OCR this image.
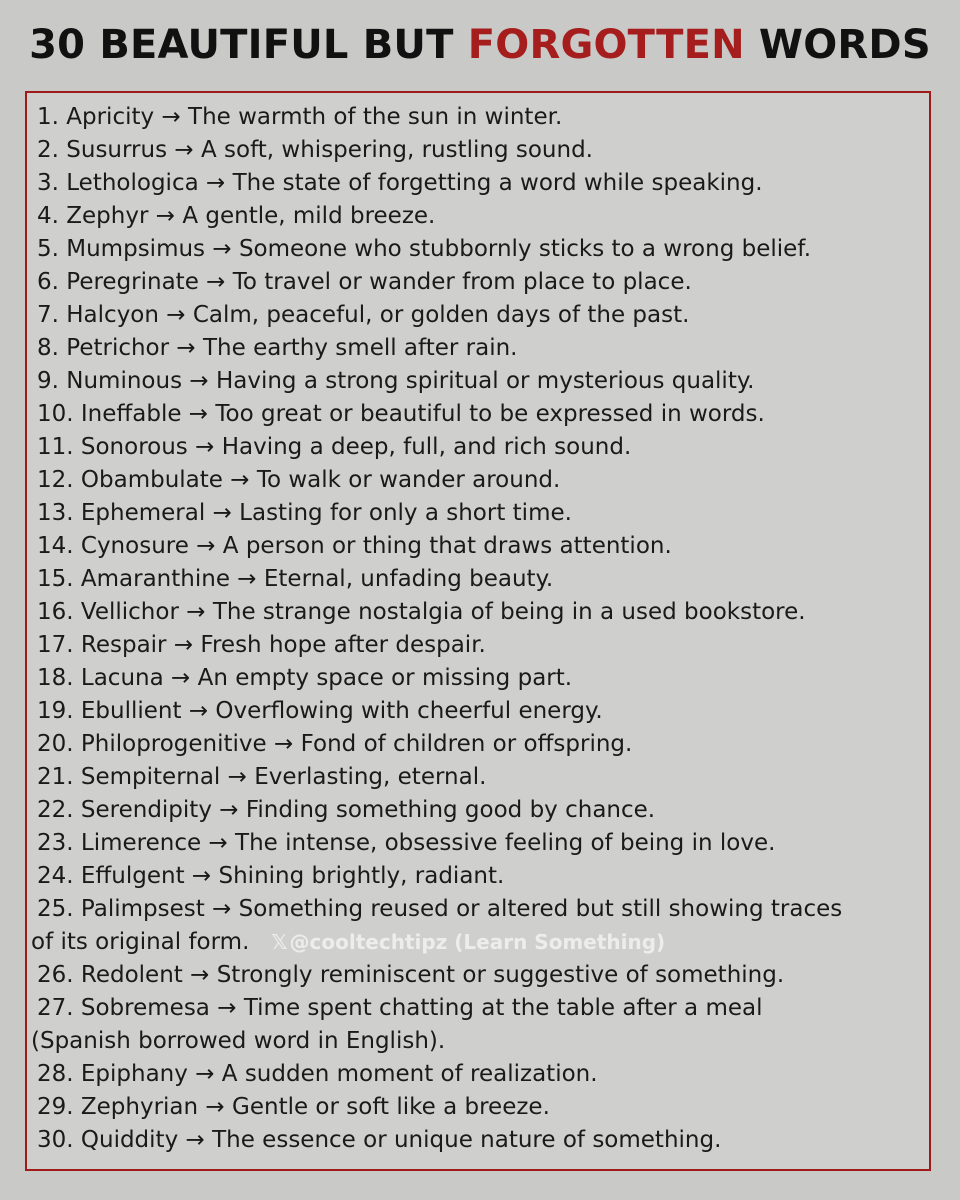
30 BEAUTIFUL BUT FORGOTTEN WORDS
1. Apricity → The warmth of the sun in winter.
2. Susurrus → A soft, whispering, rustling sound.
3. Lethologica → The state of forgetting a word while speaking.
4. Zephyr → A gentle, mild breeze.
5. Mumpsimus → Someone who stubbornly sticks to a wrong belief.
6. Peregrinate → To travel or wander from place to place.
7. Halcyon → Calm, peaceful, or golden days of the past.
8. Petrichor → The earthy smell after rain.
9. Numinous → Having a strong spiritual or mysterious quality.
10. Ineffable → Too great or beautiful to be expressed in words.
11. Sonorous → Having a deep, full, and rich sound.
12. Obambulate → To walk or wander around.
13. Ephemeral → Lasting for only a short time.
14. Cynosure → A person or thing that draws attention.
15. Amaranthine → Eternal, unfading beauty.
16. Vellichor → The strange nostalgia of being in a used bookstore.
17. Respair → Fresh hope after despair.
18. Lacuna → An empty space or missing part.
19. Ebullient → Overflowing with cheerful energy.
20. Philoprogenitive → Fond of children or offspring.
21. Sempiternal → Everlasting, eternal.
22. Serendipity → Finding something good by chance.
23. Limerence → The intense, obsessive feeling of being in love.
24. Effulgent → Shining brightly, radiant.
25. Palimpsest → Something reused or altered but still showing traces
of its original form. 𝕏 @cooltechtipz (Learn Something)
26. Redolent → Strongly reminiscent or suggestive of something.
27. Sobremesa → Time spent chatting at the table after a meal
(Spanish borrowed word in English).
28. Epiphany → A sudden moment of realization.
29. Zephyrian → Gentle or soft like a breeze.
30. Quiddity → The essence or unique nature of something.
